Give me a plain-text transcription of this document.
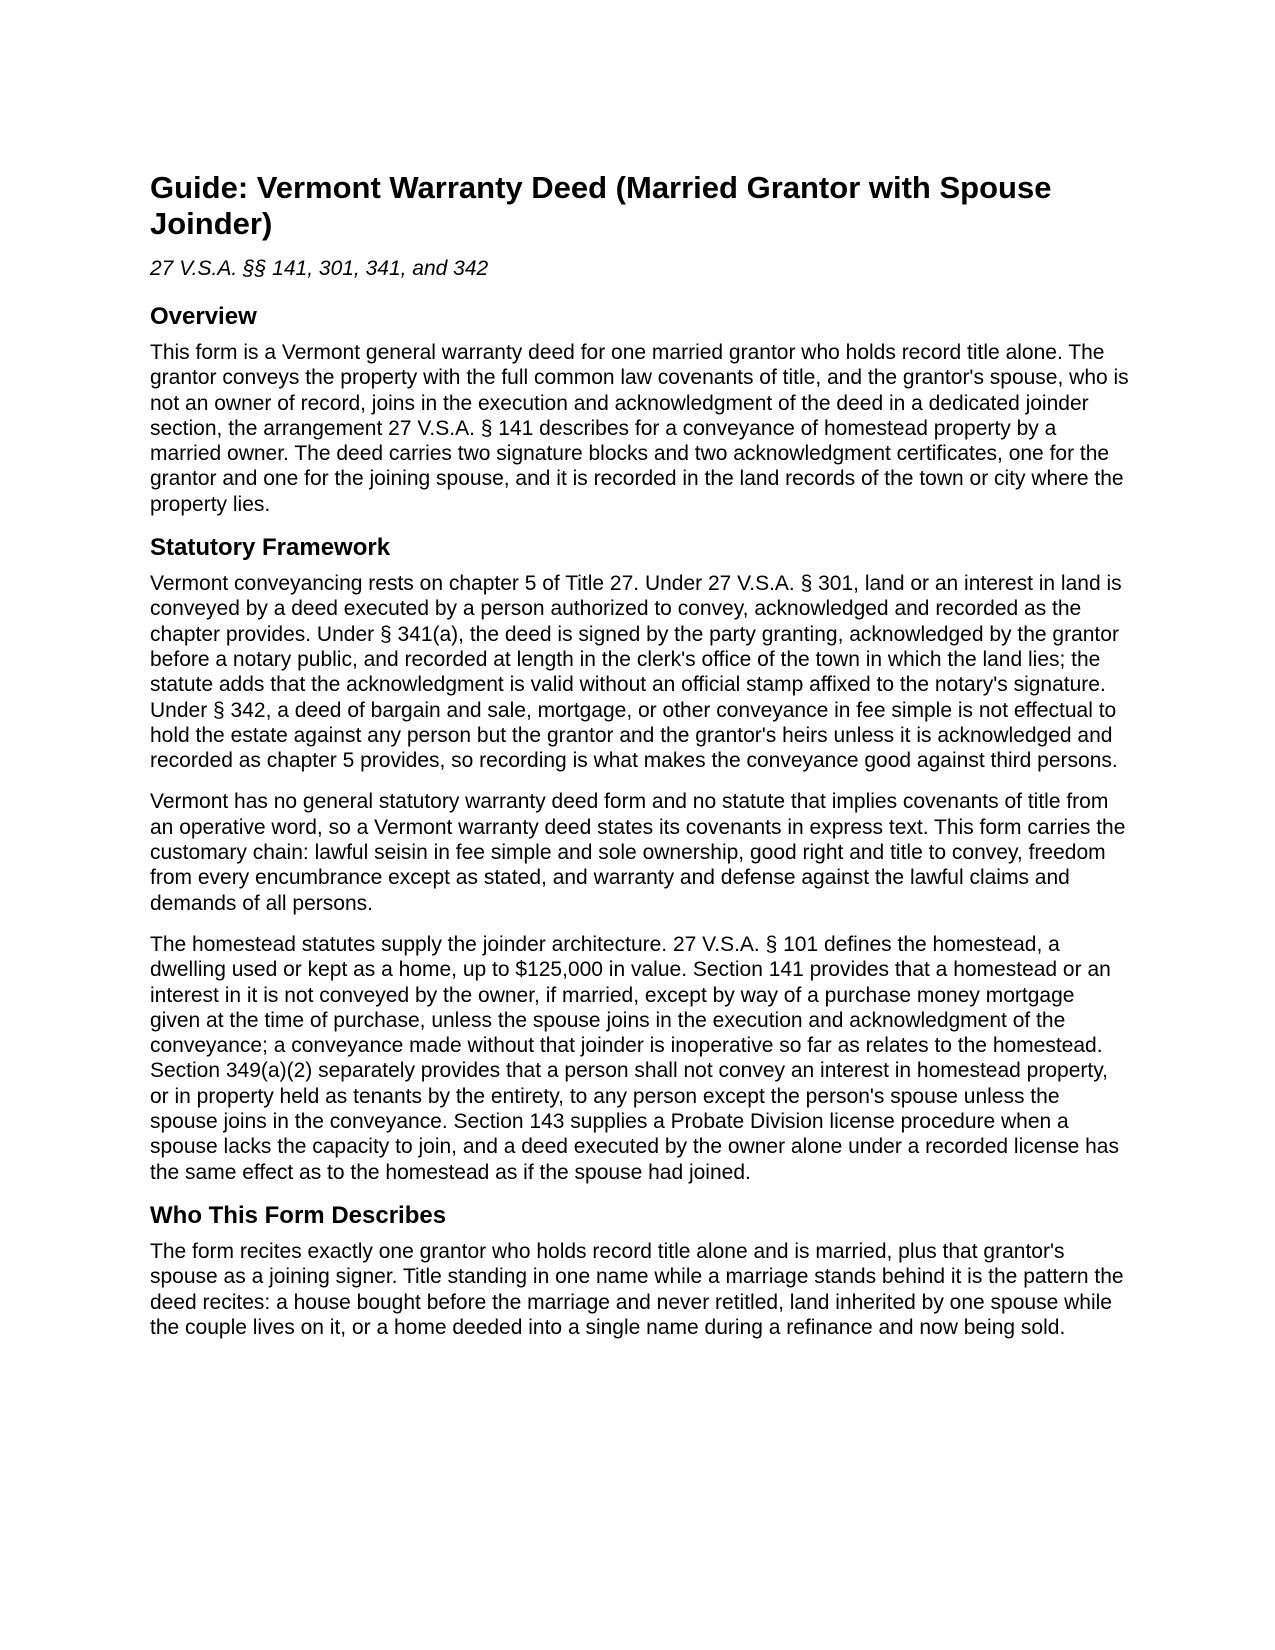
Guide: Vermont Warranty Deed (Married Grantor with Spouse Joinder)
27 V.S.A. §§ 141, 301, 341, and 342
Overview

This form is a Vermont general warranty deed for one married grantor who holds record title alone. The grantor conveys the property with the full common law covenants of title, and the grantor's spouse, who is not an owner of record, joins in the execution and acknowledgment of the deed in a dedicated joinder section, the arrangement 27 V.S.A. § 141 describes for a conveyance of homestead property by a married owner. The deed carries two signature blocks and two acknowledgment certificates, one for the grantor and one for the joining spouse, and it is recorded in the land records of the town or city where the property lies.

Statutory Framework

Vermont conveyancing rests on chapter 5 of Title 27. Under 27 V.S.A. § 301, land or an interest in land is conveyed by a deed executed by a person authorized to convey, acknowledged and recorded as the chapter provides. Under § 341(a), the deed is signed by the party granting, acknowledged by the grantor before a notary public, and recorded at length in the clerk's office of the town in which the land lies; the statute adds that the acknowledgment is valid without an official stamp affixed to the notary's signature. Under § 342, a deed of bargain and sale, mortgage, or other conveyance in fee simple is not effectual to hold the estate against any person but the grantor and the grantor's heirs unless it is acknowledged and recorded as chapter 5 provides, so recording is what makes the conveyance good against third persons.

Vermont has no general statutory warranty deed form and no statute that implies covenants of title from an operative word, so a Vermont warranty deed states its covenants in express text. This form carries the customary chain: lawful seisin in fee simple and sole ownership, good right and title to convey, freedom from every encumbrance except as stated, and warranty and defense against the lawful claims and demands of all persons.

The homestead statutes supply the joinder architecture. 27 V.S.A. § 101 defines the homestead, a dwelling used or kept as a home, up to $125,000 in value. Section 141 provides that a homestead or an interest in it is not conveyed by the owner, if married, except by way of a purchase money mortgage given at the time of purchase, unless the spouse joins in the execution and acknowledgment of the conveyance; a conveyance made without that joinder is inoperative so far as relates to the homestead. Section 349(a)(2) separately provides that a person shall not convey an interest in homestead property, or in property held as tenants by the entirety, to any person except the person's spouse unless the spouse joins in the conveyance. Section 143 supplies a Probate Division license procedure when a spouse lacks the capacity to join, and a deed executed by the owner alone under a recorded license has the same effect as to the homestead as if the spouse had joined.

Who This Form Describes

The form recites exactly one grantor who holds record title alone and is married, plus that grantor's spouse as a joining signer. Title standing in one name while a marriage stands behind it is the pattern the deed recites: a house bought before the marriage and never retitled, land inherited by one spouse while the couple lives on it, or a home deeded into a single name during a refinance and now being sold.
